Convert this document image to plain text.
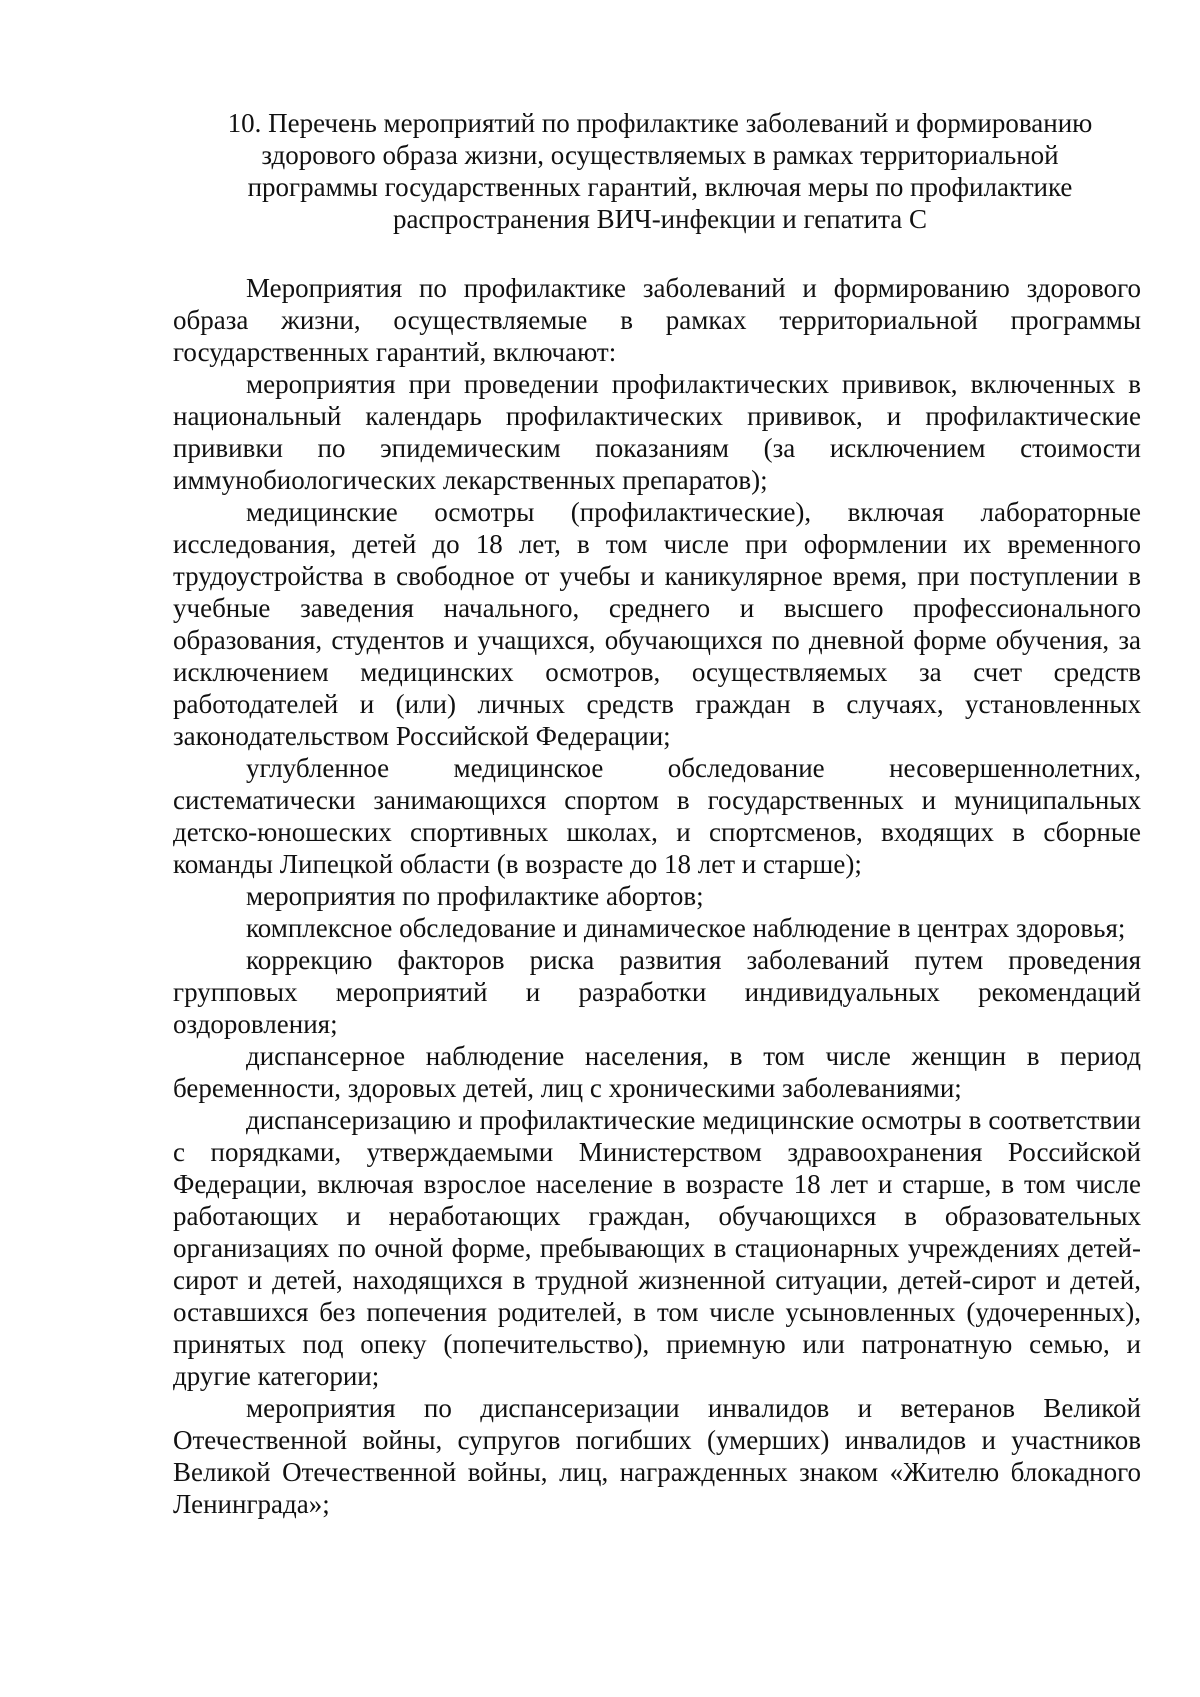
10. Перечень мероприятий по профилактике заболеваний и формированию
здорового образа жизни, осуществляемых в рамках территориальной
программы государственных гарантий, включая меры по профилактике
распространения ВИЧ-инфекции и гепатита С

Мероприятия по профилактике заболеваний и формированию здорового образа жизни, осуществляемые в рамках территориальной программы государственных гарантий, включают:

мероприятия при проведении профилактических прививок, включенных в национальный календарь профилактических прививок, и профилактические прививки по эпидемическим показаниям (за исключением стоимости иммунобиологических лекарственных препаратов);

медицинские осмотры (профилактические), включая лабораторные исследования, детей до 18 лет, в том числе при оформлении их временного трудоустройства в свободное от учебы и каникулярное время, при поступлении в учебные заведения начального, среднего и высшего профессионального образования, студентов и учащихся, обучающихся по дневной форме обучения, за исключением медицинских осмотров, осуществляемых за счет средств работодателей и (или) личных средств граждан в случаях, установленных законодательством Российской Федерации;

углубленное медицинское обследование несовершеннолетних, систематически занимающихся спортом в государственных и муниципальных детско-юношеских спортивных школах, и спортсменов, входящих в сборные команды Липецкой области (в возрасте до 18 лет и старше);

мероприятия по профилактике абортов;

комплексное обследование и динамическое наблюдение в центрах здоровья;

коррекцию факторов риска развития заболеваний путем проведения групповых мероприятий и разработки индивидуальных рекомендаций оздоровления;

диспансерное наблюдение населения, в том числе женщин в период беременности, здоровых детей, лиц с хроническими заболеваниями;

диспансеризацию и профилактические медицинские осмотры в соответствии с порядками, утверждаемыми Министерством здравоохранения Российской Федерации, включая взрослое население в возрасте 18 лет и старше, в том числе работающих и неработающих граждан, обучающихся в образовательных организациях по очной форме, пребывающих в стационарных учреждениях детей-сирот и детей, находящихся в трудной жизненной ситуации, детей-сирот и детей, оставшихся без попечения родителей, в том числе усыновленных (удочеренных), принятых под опеку (попечительство), приемную или патронатную семью, и другие категории;

мероприятия по диспансеризации инвалидов и ветеранов Великой Отечественной войны, супругов погибших (умерших) инвалидов и участников Великой Отечественной войны, лиц, награжденных знаком «Жителю блокадного Ленинграда»;
